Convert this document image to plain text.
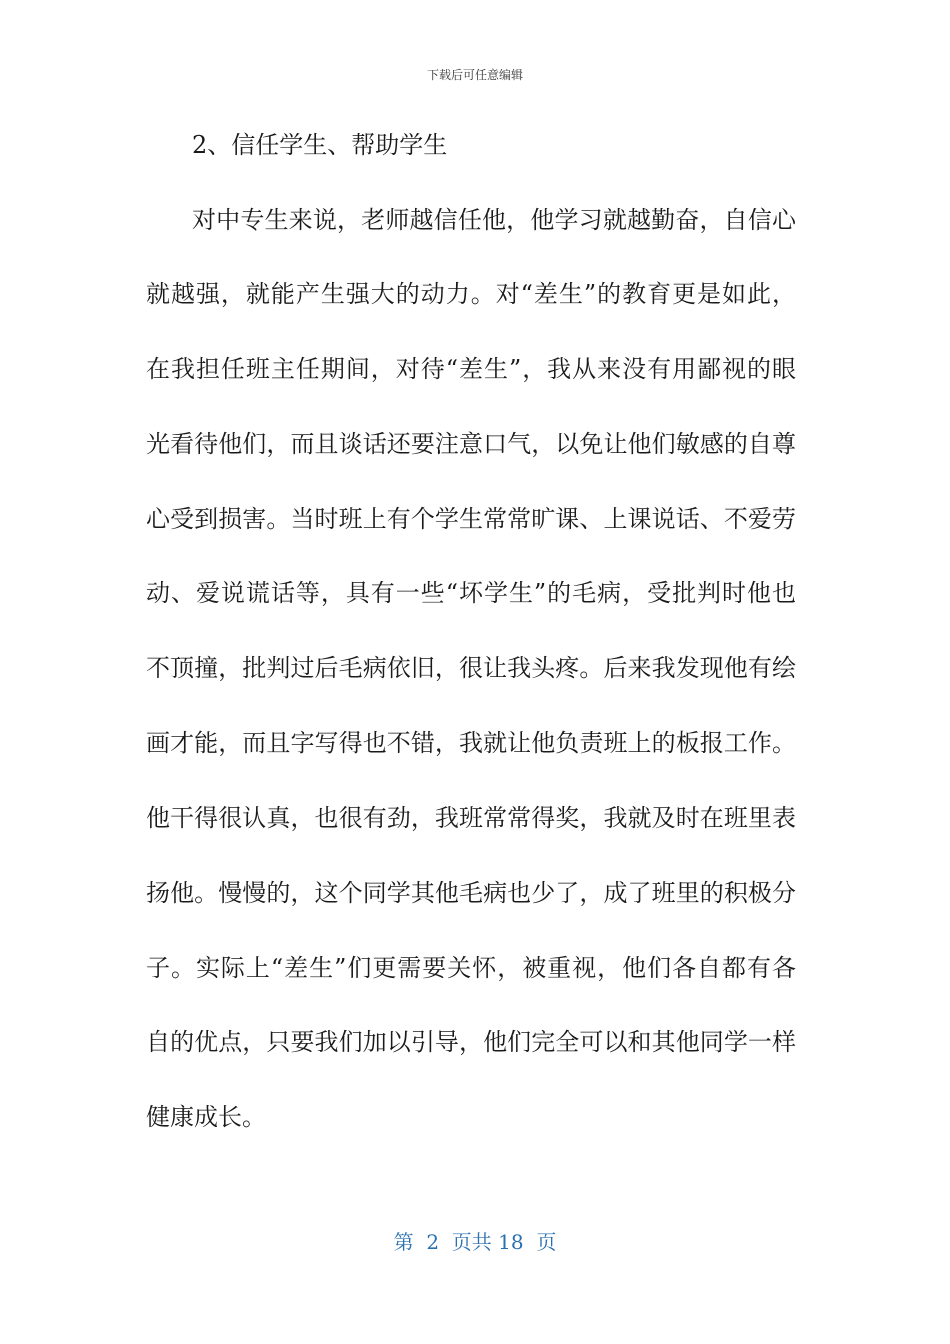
下载后可任意编辑
2、信任学生、帮助学生
对中专生来说，老师越信任他，他学习就越勤奋，自信心
就越强，就能产生强大的动力。对“差生”的教育更是如此，
在我担任班主任期间，对待“差生”，我从来没有用鄙视的眼
光看待他们，而且谈话还要注意口气，以免让他们敏感的自尊
心受到损害。当时班上有个学生常常旷课、上课说话、不爱劳
动、爱说谎话等，具有一些“坏学生”的毛病，受批判时他也
不顶撞，批判过后毛病依旧，很让我头疼。后来我发现他有绘
画才能，而且字写得也不错，我就让他负责班上的板报工作。
他干得很认真，也很有劲，我班常常得奖，我就及时在班里表
扬他。慢慢的，这个同学其他毛病也少了，成了班里的积极分
子。实际上“差生”们更需要关怀，被重视，他们各自都有各
自的优点，只要我们加以引导，他们完全可以和其他同学一样
健康成长。
第  2  页共 18  页
